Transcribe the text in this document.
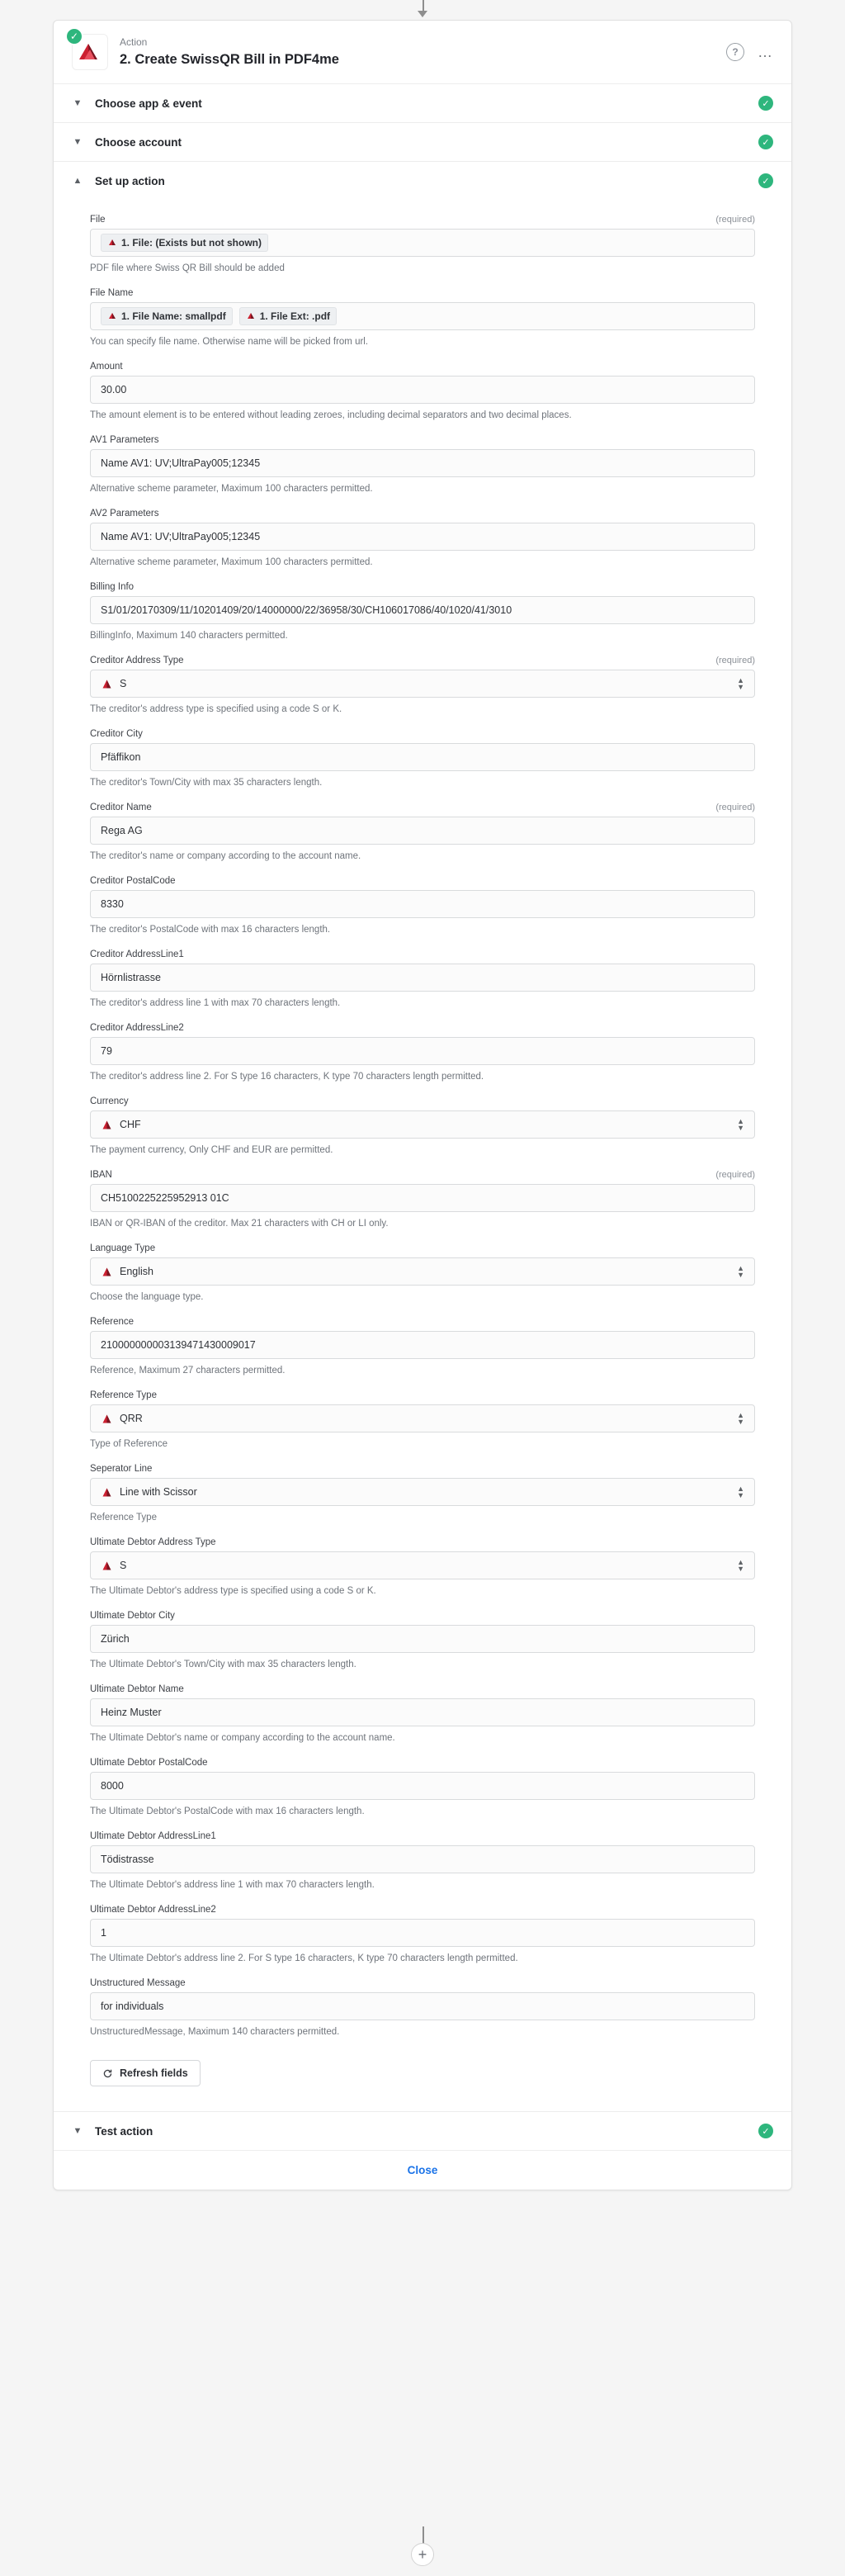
✓	Action
2. Create SwissQR Bill in PDF4me	?	…
▼ Choose app & event	✓
▼ Choose account	✓
▲ Set up action	✓
File	(required)
1. File: (Exists but not shown)
PDF file where Swiss QR Bill should be added
File Name
1. File Name: smallpdf	1. File Ext: .pdf
You can specify file name. Otherwise name will be picked from url.
Amount
30.00
The amount element is to be entered without leading zeroes, including decimal separators and two decimal places.
AV1 Parameters
Name AV1: UV;UltraPay005;12345
Alternative scheme parameter, Maximum 100 characters permitted.
AV2 Parameters
Name AV1: UV;UltraPay005;12345
Alternative scheme parameter, Maximum 100 characters permitted.
Billing Info
S1/01/20170309/11/10201409/20/14000000/22/36958/30/CH106017086/40/1020/41/3010
BillingInfo, Maximum 140 characters permitted.
Creditor Address Type	(required)
S	▲
▼
The creditor's address type is specified using a code S or K.
Creditor City
Pfäffikon
The creditor's Town/City with max 35 characters length.
Creditor Name	(required)
Rega AG
The creditor's name or company according to the account name.
Creditor PostalCode
8330
The creditor's PostalCode with max 16 characters length.
Creditor AddressLine1
Hörnlistrasse
The creditor's address line 1 with max 70 characters length.
Creditor AddressLine2
79
The creditor's address line 2. For S type 16 characters, K type 70 characters length permitted.
Currency
CHF	▲
▼
The payment currency, Only CHF and EUR are permitted.
IBAN	(required)
CH5100225225952913 01C
IBAN or QR-IBAN of the creditor. Max 21 characters with CH or LI only.
Language Type
English	▲
▼
Choose the language type.
Reference
210000000003139471430009017
Reference, Maximum 27 characters permitted.
Reference Type
QRR	▲
▼
Type of Reference
Seperator Line
Line with Scissor	▲
▼
Reference Type
Ultimate Debtor Address Type
S	▲
▼
The Ultimate Debtor's address type is specified using a code S or K.
Ultimate Debtor City
Zürich
The Ultimate Debtor's Town/City with max 35 characters length.
Ultimate Debtor Name
Heinz Muster
The Ultimate Debtor's name or company according to the account name.
Ultimate Debtor PostalCode
8000
The Ultimate Debtor's PostalCode with max 16 characters length.
Ultimate Debtor AddressLine1
Tödistrasse
The Ultimate Debtor's address line 1 with max 70 characters length.
Ultimate Debtor AddressLine2
1
The Ultimate Debtor's address line 2. For S type 16 characters, K type 70 characters length permitted.
Unstructured Message
for individuals
UnstructuredMessage, Maximum 140 characters permitted.
Refresh fields
▼ Test action	✓
Close
+
